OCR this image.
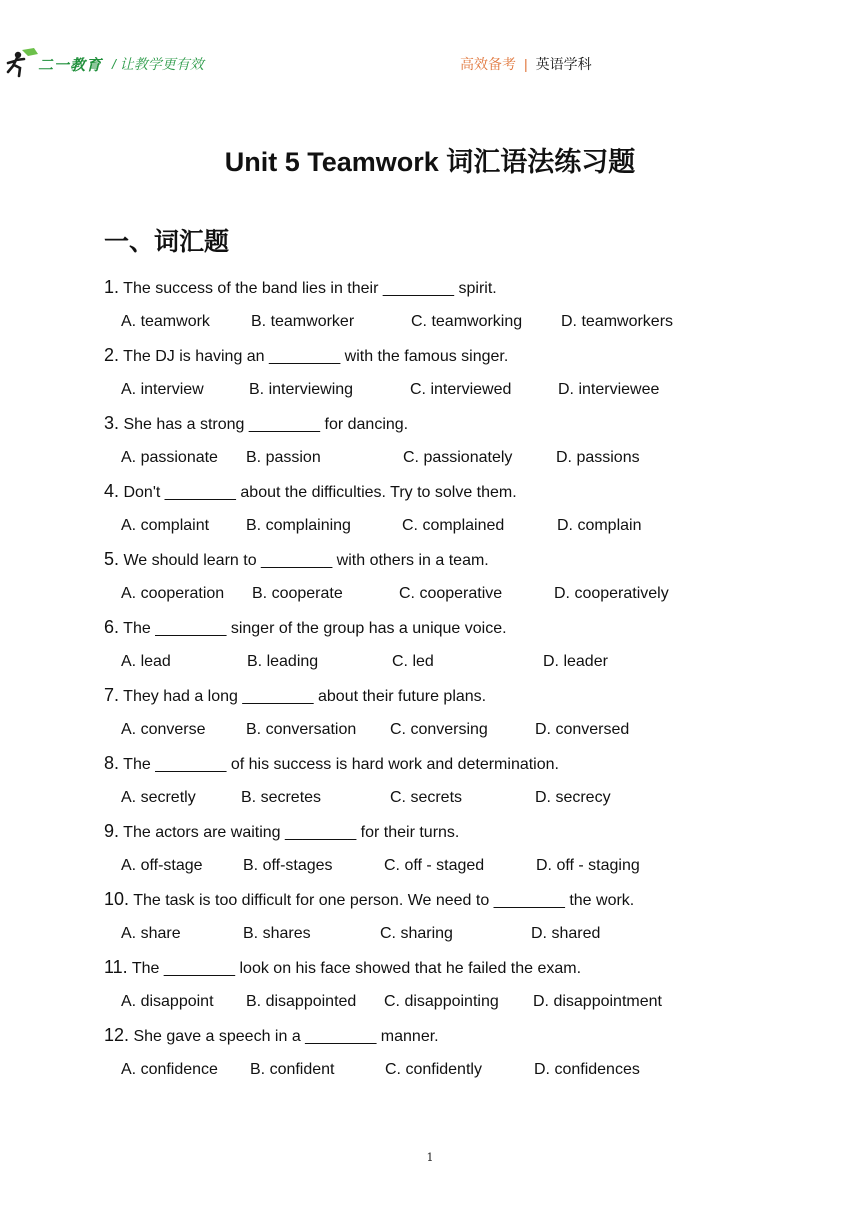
二一教育 / 让教学更有效	高效备考 | 英语学科
Unit 5 Teamwork 词汇语法练习题
一、词汇题
1. The success of the band lies in their ________ spirit.
A. teamwork	B. teamworker	C. teamworking D. teamworkers
2. The DJ is having an ________ with the famous singer.
A. interview	B. interviewing	C. interviewed	D. interviewee
3. She has a strong ________ for dancing.
A. passionate B. passion	C. passionately	D. passions
4. Don't ________ about the difficulties. Try to solve them.
A. complaint B. complaining	C. complained	D. complain
5. We should learn to ________ with others in a team.
A. cooperation B. cooperate	C. cooperative	D. cooperatively
6. The ________ singer of the group has a unique voice.
A. lead	B. leading	C. led	D. leader
7. They had a long ________ about their future plans.
A. converse	B. conversation C. conversing	D. conversed
8. The ________ of his success is hard work and determination.
A. secretly	B. secretes	C. secrets	D. secrecy
9. The actors are waiting ________ for their turns.
A. off-stage	B. off-stages	C. off - staged	D. off - staging
10. The task is too difficult for one person. We need to ________ the work.
A. share	B. shares	C. sharing	D. shared
11. The ________ look on his face showed that he failed the exam.
A. disappoint B. disappointed C. disappointing D. disappointment
12. She gave a speech in a ________ manner.
A. confidence B. confident	C. confidently	D. confidences
1
